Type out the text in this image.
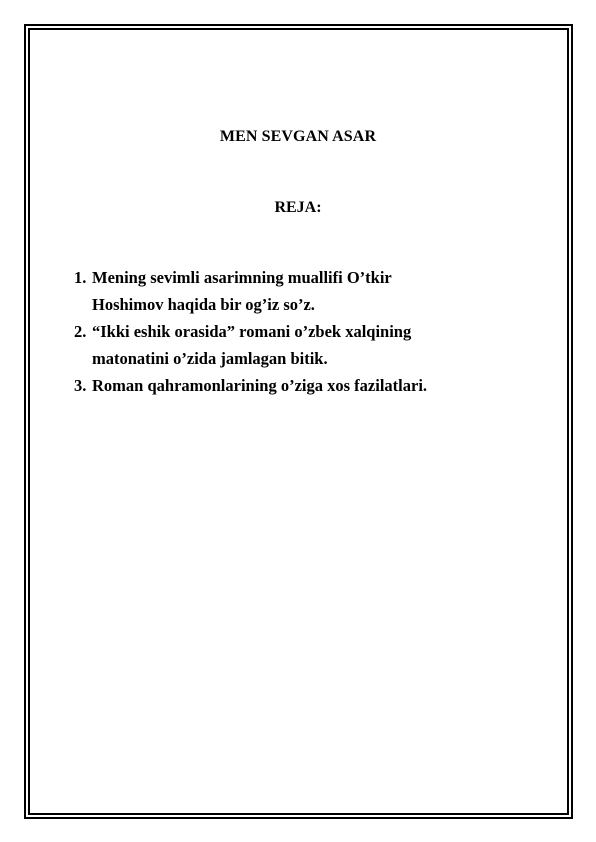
MEN SEVGAN ASAR
REJA:
1. Mening sevimli asarimning muallifi O’tkir
Hoshimov haqida bir og’iz so’z.
2. “Ikki eshik orasida” romani o’zbek xalqining
matonatini o’zida jamlagan bitik.
3. Roman qahramonlarining o’ziga xos fazilatlari.
